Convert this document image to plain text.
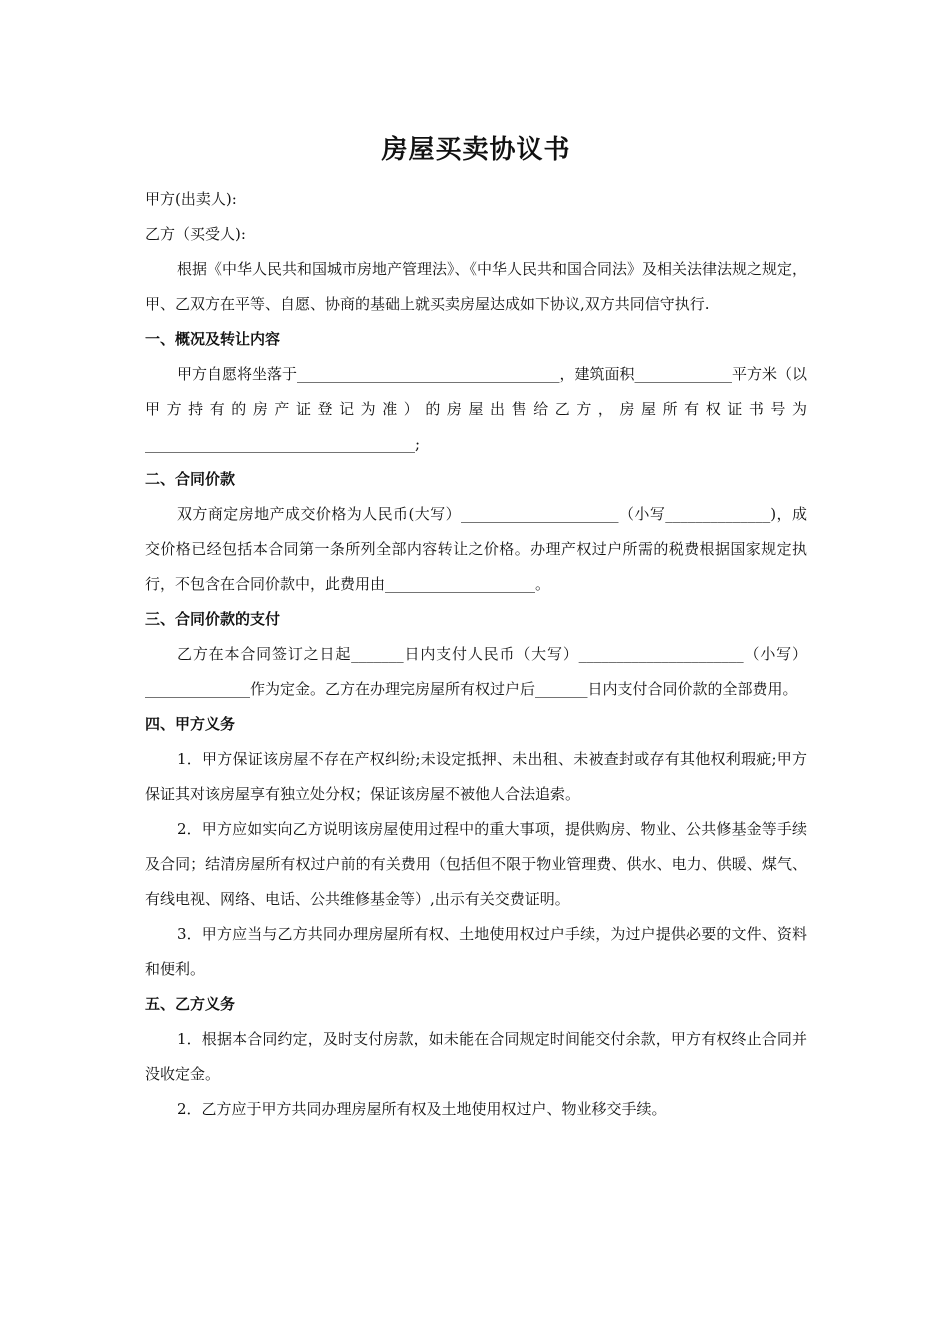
房屋买卖协议书
甲方(出卖人):
乙方（买受人):

根据《中华人民共和国城市房地产管理法》、《中华人民共和国合同法》及相关法律法规之规定，甲、乙双方在平等、自愿、协商的基础上就买卖房屋达成如下协议,双方共同信守执行.

一、概况及转让内容

甲方自愿将坐落于___________________________________，建筑面积_____________平方米（以甲方持有的房产证登记为准）的房屋出售给乙方，房屋所有权证书号为____________________________________;

二、合同价款

双方商定房地产成交价格为人民币(大写）_____________________（小写______________)，成交价格已经包括本合同第一条所列全部内容转让之价格。办理产权过户所需的税费根据国家规定执行，不包含在合同价款中，此费用由____________________。

三、合同价款的支付

乙方在本合同签订之日起_______日内支付人民币（大写）______________________（小写）______________作为定金。乙方在办理完房屋所有权过户后_______日内支付合同价款的全部费用。

四、甲方义务

1．甲方保证该房屋不存在产权纠纷;未设定抵押、未出租、未被查封或存有其他权利瑕疵;甲方保证其对该房屋享有独立处分权；保证该房屋不被他人合法追索。

2．甲方应如实向乙方说明该房屋使用过程中的重大事项，提供购房、物业、公共修基金等手续及合同；结清房屋所有权过户前的有关费用（包括但不限于物业管理费、供水、电力、供暖、煤气、有线电视、网络、电话、公共维修基金等）,出示有关交费证明。

3．甲方应当与乙方共同办理房屋所有权、土地使用权过户手续，为过户提供必要的文件、资料和便利。

五、乙方义务

1．根据本合同约定，及时支付房款，如未能在合同规定时间能交付余款，甲方有权终止合同并没收定金。

2．乙方应于甲方共同办理房屋所有权及土地使用权过户、物业移交手续。
